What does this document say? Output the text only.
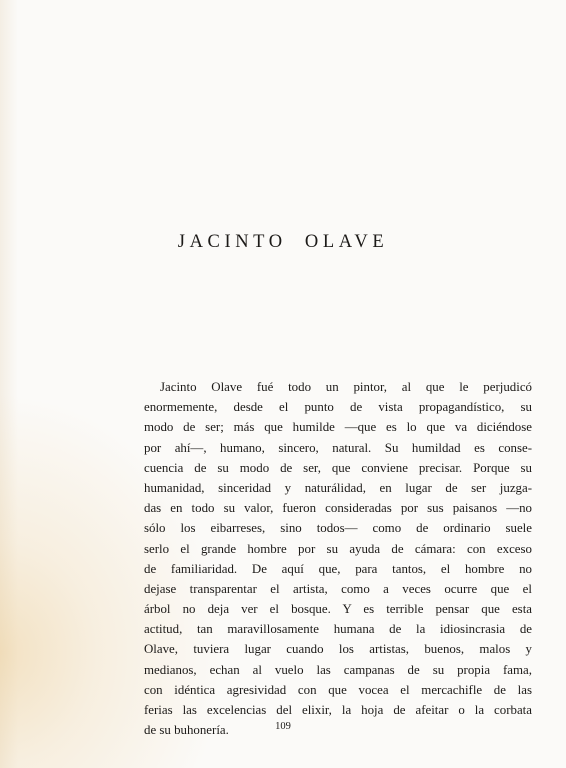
JACINTO OLAVE

Jacinto Olave fué todo un pintor, al que le perjudicó
enormemente, desde el punto de vista propagandístico, su
modo de ser; más que humilde —que es lo que va diciéndose
por ahí—, humano, sincero, natural. Su humildad es conse-
cuencia de su modo de ser, que conviene precisar. Porque su
humanidad, sinceridad y naturálidad, en lugar de ser juzga-
das en todo su valor, fueron consideradas por sus paisanos —no
sólo los eibarreses, sino todos— como de ordinario suele
serlo el grande hombre por su ayuda de cámara: con exceso
de familiaridad. De aquí que, para tantos, el hombre no
dejase transparentar el artista, como a veces ocurre que el
árbol no deja ver el bosque. Y es terrible pensar que esta
actitud, tan maravillosamente humana de la idiosincrasia de
Olave, tuviera lugar cuando los artistas, buenos, malos y
medianos, echan al vuelo las campanas de su propia fama,
con idéntica agresividad con que vocea el mercachifle de las
ferias las excelencias del elixir, la hoja de afeitar o la corbata
de su buhonería.	109
